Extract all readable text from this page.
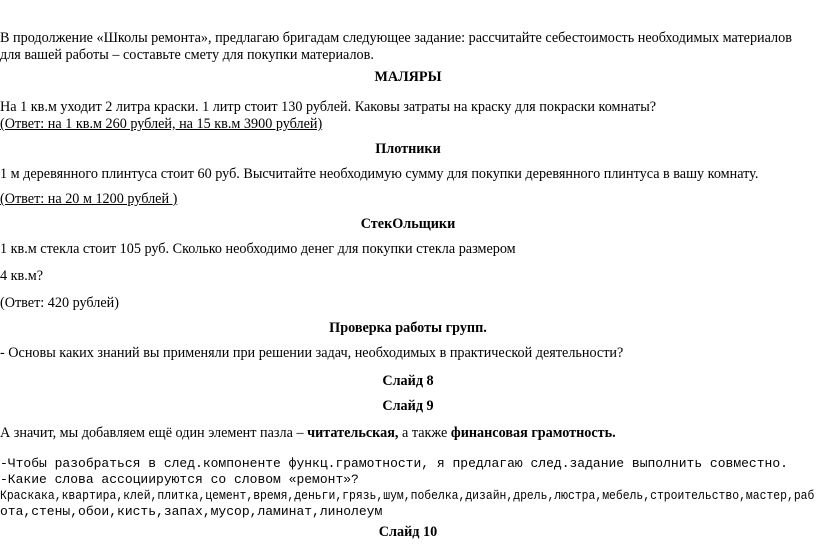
В продолжение «Школы ремонта», предлагаю бригадам следующее задание: рассчитайте себестоимость необходимых материалов
для вашей работы – составьте смету для покупки материалов.
МАЛЯРЫ
На 1 кв.м уходит 2 литра краски. 1 литр стоит 130 рублей. Каковы затраты на краску для покраски комнаты?
(Ответ: на 1 кв.м 260 рублей, на 15 кв.м 3900 рублей)
Плотники
1 м деревянного плинтуса стоит 60 руб. Высчитайте необходимую сумму для покупки деревянного плинтуса в вашу комнату.
(Ответ: на 20 м 1200 рублей )
СтекОльщики
1 кв.м стекла стоит 105 руб. Сколько необходимо денег для покупки стекла размером
4 кв.м?
(Ответ: 420 рублей)
Проверка работы групп.
- Основы каких знаний вы применяли при решении задач, необходимых в практической деятельности?
Слайд 8
Слайд 9
А значит, мы добавляем ещё один элемент пазла – читательская, а также финансовая грамотность.
-Чтобы разобраться в след.компоненте функц.грамотности, я предлагаю след.задание выполнить совместно.
-Какие слова ассоциируются со словом «ремонт»?
Краскака,квартира,клей,плитка,цемент,время,деньги,грязь,шум,побелка,дизайн,дрель,люстра,мебель,строительство,мастер,раб
ота,стены,обои,кисть,запах,мусор,ламинат,линолеум
Слайд 10
